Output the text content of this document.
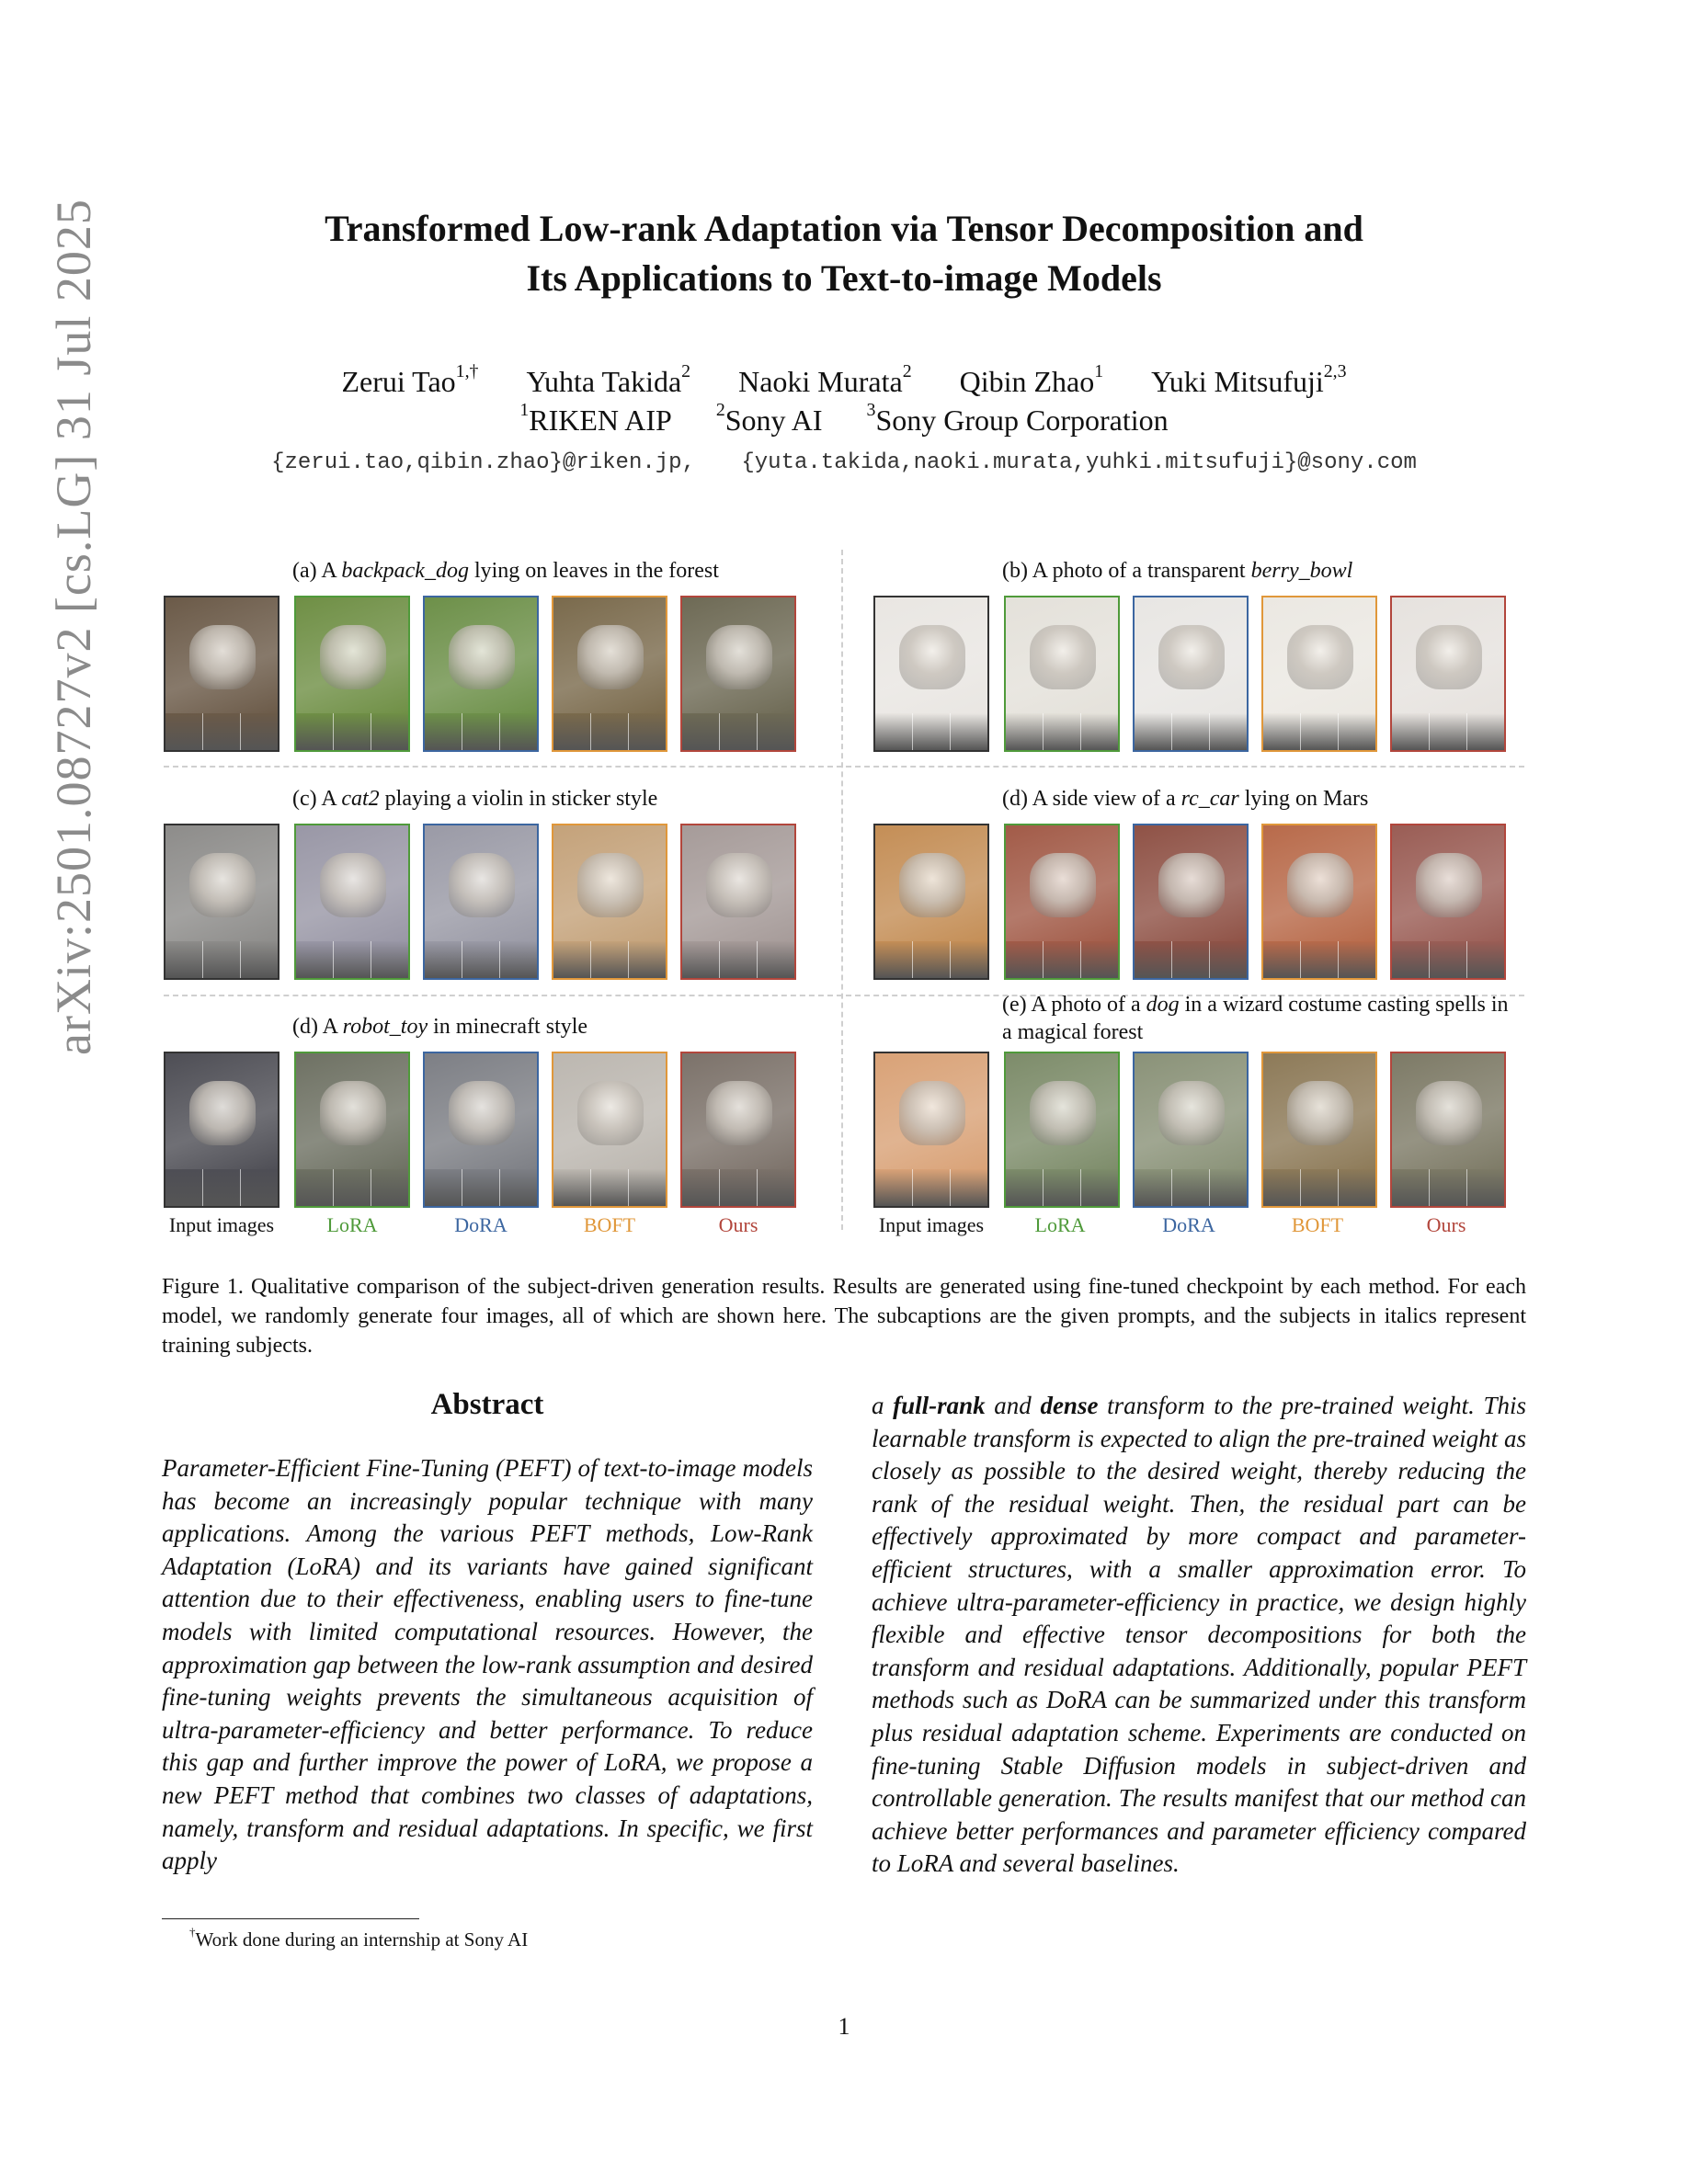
arXiv:2501.08727v2 [cs.LG] 31 Jul 2025	Transformed Low-rank Adaptation via Tensor Decomposition and
Its Applications to Text-to-image Models
Zerui Tao$^{1,\dagger}$ Yuhta Takida$^2$ Naoki Murata$^2$ Qibin Zhao$^1$ Yuki Mitsufuji$^{2,3}$
$^1$RIKEN AIP $^2$Sony AI $^3$Sony Group Corporation
{zerui.tao,qibin.zhao}@riken.jp, {yuta.takida,naoki.murata,yuhki.mitsufuji}@sony.com
(a) A backpack_dog lying on leaves in the forest	(b) A photo of a transparent berry_bowl
(c) A cat2 playing a violin in sticker style	(d) A side view of a rc_car lying on Mars
(d) A robot_toy in minecraft style
(e) A photo of a dog in a wizard costume casting spells in a magical forest
Input images	LoRA	DoRA	BOFT	Ours	Input images	LoRA	DoRA	BOFT	Ours
Figure 1. Qualitative comparison of the subject-driven generation results. Results are generated using fine-tuned checkpoint by each method. For each model, we randomly generate four images, all of which are shown here. The subcaptions are the given prompts, and the subjects in italics represent training subjects.
Abstract
Parameter-Efficient Fine-Tuning (PEFT) of text-to-image models has become an increasingly popular technique with many applications. Among the various PEFT methods, Low-Rank Adaptation (LoRA) and its variants have gained significant attention due to their effectiveness, enabling users to fine-tune models with limited computational resources. However, the approximation gap between the low-rank assumption and desired fine-tuning weights prevents the simultaneous acquisition of ultra-parameter-efficiency and better performance. To reduce this gap and further improve the power of LoRA, we propose a new PEFT method that combines two classes of adaptations, namely, transform and residual adaptations. In specific, we first apply
a full-rank and dense transform to the pre-trained weight. This learnable transform is expected to align the pre-trained weight as closely as possible to the desired weight, thereby reducing the rank of the residual weight. Then, the residual part can be effectively approximated by more compact and parameter-efficient structures, with a smaller approximation error. To achieve ultra-parameter-efficiency in practice, we design highly flexible and effective tensor decompositions for both the transform and residual adaptations. Additionally, popular PEFT methods such as DoRA can be summarized under this transform plus residual adaptation scheme. Experiments are conducted on fine-tuning Stable Diffusion models in subject-driven and controllable generation. The results manifest that our method can achieve better performances and parameter efficiency compared to LoRA and several baselines.
†Work done during an internship at Sony AI
1
